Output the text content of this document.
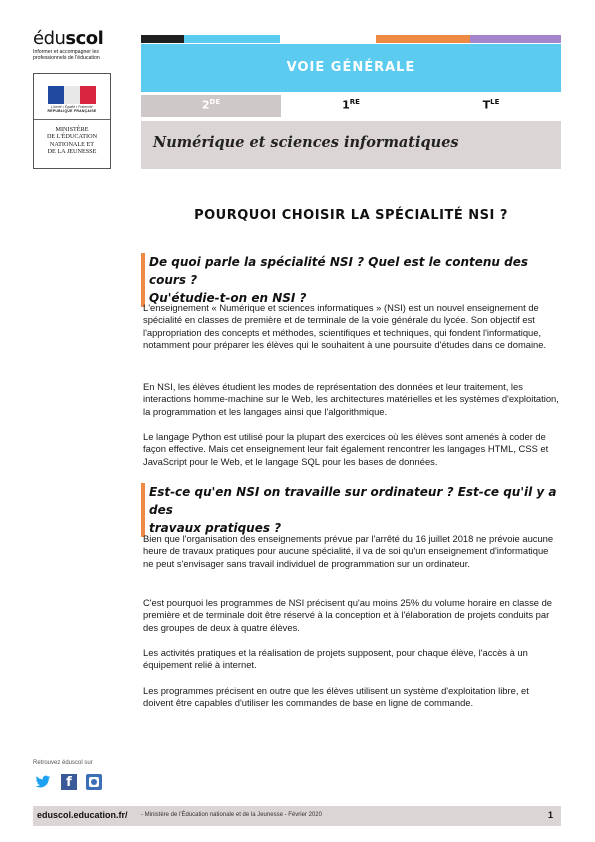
éduscol
Informer et accompagner les professionnels de l'éducation
Liberté • Égalité • Fraternité
RÉPUBLIQUE FRANÇAISE
MINISTÈRE
DE L'ÉDUCATION
NATIONALE ET
DE LA JEUNESSE
VOIE GÉNÉRALE
2DE	1RE	$T^{LE}$
Numérique et sciences informatiques
POURQUOI CHOISIR LA SPÉCIALITÉ NSI ?
De quoi parle la spécialité NSI ? Quel est le contenu des cours ?
Qu'étudie-t-on en NSI ?
L'enseignement « Numérique et sciences informatiques » (NSI) est un nouvel enseignement de spécialité en classes de première et de terminale de la voie générale du lycée. Son objectif est l'appropriation des concepts et méthodes, scientifiques et techniques, qui fondent l'informatique, notamment pour préparer les élèves qui le souhaitent à une poursuite d'études dans ce domaine.
En NSI, les élèves étudient les modes de représentation des données et leur traitement, les interactions homme-machine sur le Web, les architectures matérielles et les systèmes d'exploitation, la programmation et les langages ainsi que l'algorithmique.
Le langage Python est utilisé pour la plupart des exercices où les élèves sont amenés à coder de façon effective. Mais cet enseignement leur fait également rencontrer les langages HTML, CSS et JavaScript pour le Web, et le langage SQL pour les bases de données.
Est-ce qu'en NSI on travaille sur ordinateur ? Est-ce qu'il y a des
travaux pratiques ?
Bien que l'organisation des enseignements prévue par l'arrêté du 16 juillet 2018 ne prévoie aucune heure de travaux pratiques pour aucune spécialité, il va de soi qu'un enseignement d'informatique ne peut s'envisager sans travail individuel de programmation sur un ordinateur.
C'est pourquoi les programmes de NSI précisent qu'au moins 25% du volume horaire en classe de première et de terminale doit être réservé à la conception et à l'élaboration de projets conduits par des groupes de deux à quatre élèves.
Les activités pratiques et la réalisation de projets supposent, pour chaque élève, l'accès à un équipement relié à internet.
Les programmes précisent en outre que les élèves utilisent un système d'exploitation libre, et doivent être capables d'utiliser les commandes de base en ligne de commande.
Retrouvez éduscol sur
f
eduscol.education.fr/ - Ministère de l'Éducation nationale et de la Jeunesse - Février 2020	1
